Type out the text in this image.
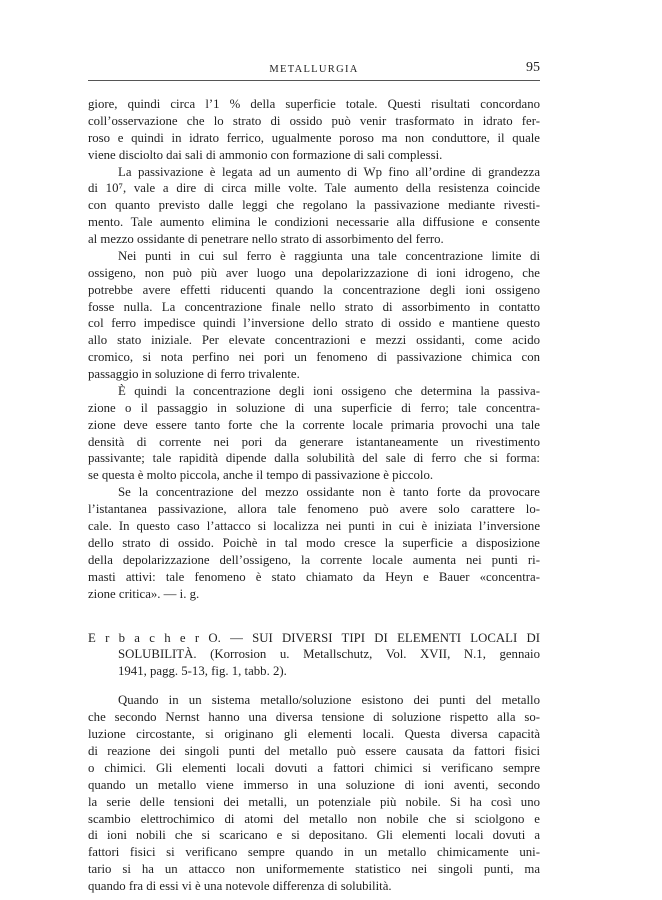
METALLURGIA	95
giore, quindi circa l’1 % della superficie totale. Questi risultati concordano
coll’osservazione che lo strato di ossido può venir trasformato in idrato fer-
roso e quindi in idrato ferrico, ugualmente poroso ma non conduttore, il quale
viene disciolto dai sali di ammonio con formazione di sali complessi.
La passivazione è legata ad un aumento di Wp fino all’ordine di grandezza
di 10⁷, vale a dire di circa mille volte. Tale aumento della resistenza coincide
con quanto previsto dalle leggi che regolano la passivazione mediante rivesti-
mento. Tale aumento elimina le condizioni necessarie alla diffusione e consente
al mezzo ossidante di penetrare nello strato di assorbimento del ferro.
Nei punti in cui sul ferro è raggiunta una tale concentrazione limite di
ossigeno, non può più aver luogo una depolarizzazione di ioni idrogeno, che
potrebbe avere effetti riducenti quando la concentrazione degli ioni ossigeno
fosse nulla. La concentrazione finale nello strato di assorbimento in contatto
col ferro impedisce quindi l’inversione dello strato di ossido e mantiene questo
allo stato iniziale. Per elevate concentrazioni e mezzi ossidanti, come acido
cromico, si nota perfino nei pori un fenomeno di passivazione chimica con
passaggio in soluzione di ferro trivalente.
È quindi la concentrazione degli ioni ossigeno che determina la passiva-
zione o il passaggio in soluzione di una superficie di ferro; tale concentra-
zione deve essere tanto forte che la corrente locale primaria provochi una tale
densità di corrente nei pori da generare istantaneamente un rivestimento
passivante; tale rapidità dipende dalla solubilità del sale di ferro che si forma:
se questa è molto piccola, anche il tempo di passivazione è piccolo.
Se la concentrazione del mezzo ossidante non è tanto forte da provocare
l’istantanea passivazione, allora tale fenomeno può avere solo carattere lo-
cale. In questo caso l’attacco si localizza nei punti in cui è iniziata l’inversione
dello strato di ossido. Poichè in tal modo cresce la superficie a disposizione
della depolarizzazione dell’ossigeno, la corrente locale aumenta nei punti ri-
masti attivi: tale fenomeno è stato chiamato da Heyn e Bauer «concentra-
zione critica». — i. g.
E r b a c h e r O. — SUI DIVERSI TIPI DI ELEMENTI LOCALI DI
SOLUBILITÀ. (Korrosion u. Metallschutz, Vol. XVII, N.1, gennaio
1941, pagg. 5-13, fig. 1, tabb. 2).
Quando in un sistema metallo/soluzione esistono dei punti del metallo
che secondo Nernst hanno una diversa tensione di soluzione rispetto alla so-
luzione circostante, si originano gli elementi locali. Questa diversa capacità
di reazione dei singoli punti del metallo può essere causata da fattori fisici
o chimici. Gli elementi locali dovuti a fattori chimici si verificano sempre
quando un metallo viene immerso in una soluzione di ioni aventi, secondo
la serie delle tensioni dei metalli, un potenziale più nobile. Si ha così uno
scambio elettrochimico di atomi del metallo non nobile che si sciolgono e
di ioni nobili che si scaricano e si depositano. Gli elementi locali dovuti a
fattori fisici si verificano sempre quando in un metallo chimicamente uni-
tario si ha un attacco non uniformemente statistico nei singoli punti, ma
quando fra di essi vi è una notevole differenza di solubilità.
